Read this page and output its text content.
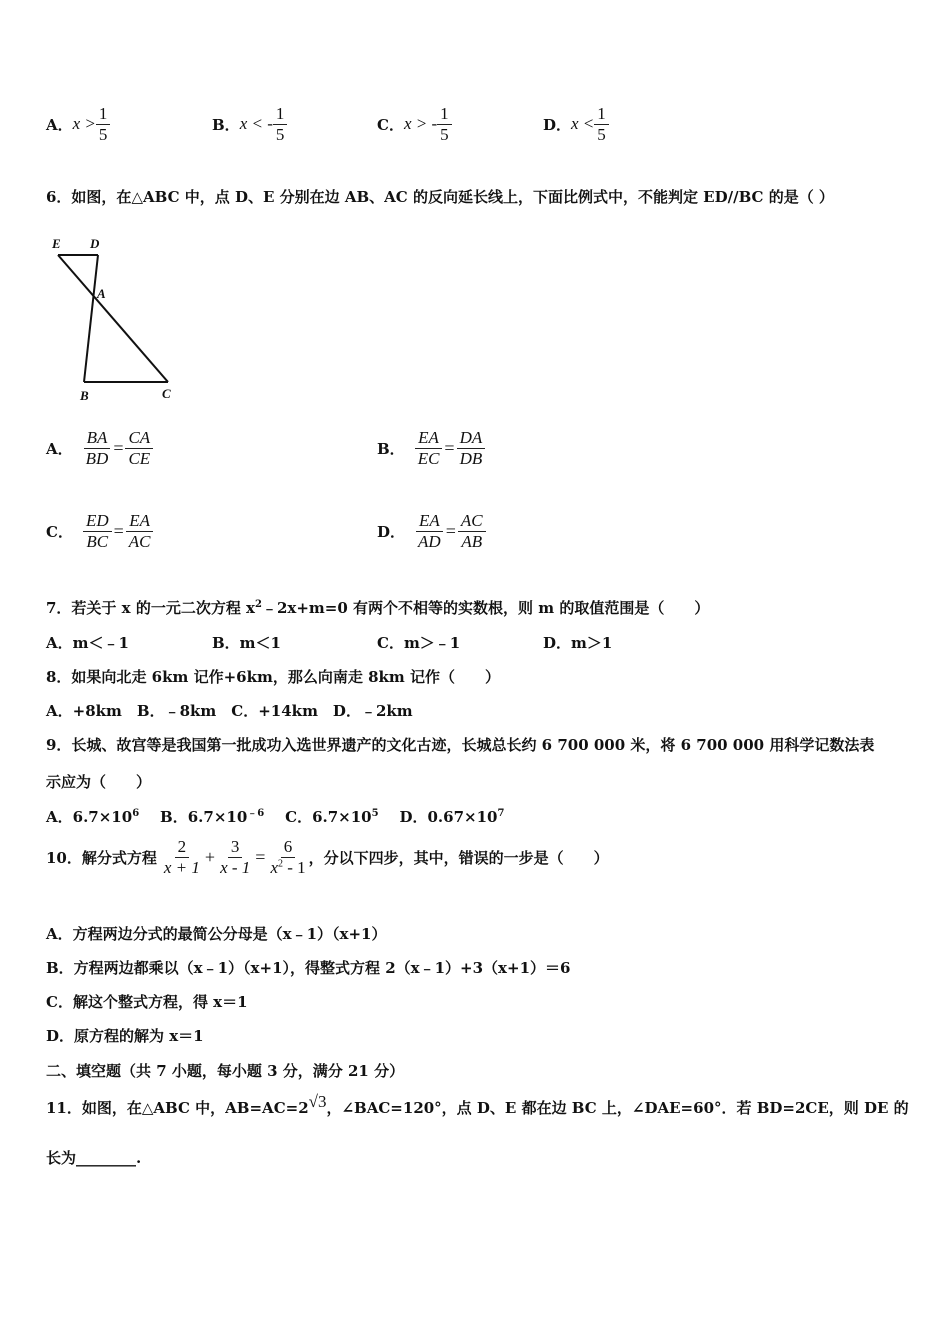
A． $x > \frac{1}{5}$	B． x < - $\frac{1}{5}$	C． x > - $\frac{1}{5}$	D． $x < \frac{1}{5}$
6．如图，在△ABC 中，点 D、E 分别在边 AB、AC 的反向延长线上，下面比例式中，不能判定 ED//BC 的是（ ）
E D
A
B	C
A． $\frac{BA}{BD} = \frac{CA}{CE}$	B． $\frac{EA}{EC} = \frac{DA}{DB}$
C． $\frac{ED}{BC} = \frac{EA}{AC}$	D． $\frac{EA}{AD} = \frac{AC}{AB}$
7．若关于 x 的一元二次方程 $x^2﹣2x+m=0$ 有两个不相等的实数根，则 m 的取值范围是（　　）
A．m＜﹣1	B．m＜1	C．m＞﹣1	D．m＞1
8．如果向北走 6km 记作+6km，那么向南走 8km 记作（　　）
A．+8km　B．﹣8km　C．+14km　D．﹣2km
9．长城、故宫等是我国第一批成功入选世界遗产的文化古迹，长城总长约 6 700 000 米，将 6 700 000 用科学记数法表
示应为（　　）
A．$6.7\times 10^6$ B．$6.7\times 10^{﹣6}$ C．$6.7\times 10^5$ D．$0.67\times 10^7$
10．解分式方程 $\frac{2}{x + 1} + \frac{3}{x - 1} = \frac{6}{x^2 - 1}$ ，分以下四步，其中，错误的一步是（　　）
A．方程两边分式的最简公分母是（x﹣1）（x+1）
B．方程两边都乘以（x﹣1）（x+1），得整式方程 2（x﹣1）+3（x+1）＝6
C．解这个整式方程，得 x＝1
D．原方程的解为 x＝1
二、填空题（共 7 小题，每小题 3 分，满分 21 分）
11．如图，在△ABC 中，AB=AC=2√3，∠BAC=120°，点 D、E 都在边 BC 上，∠DAE=60°．若 BD=2CE，则 DE 的
长为________.
